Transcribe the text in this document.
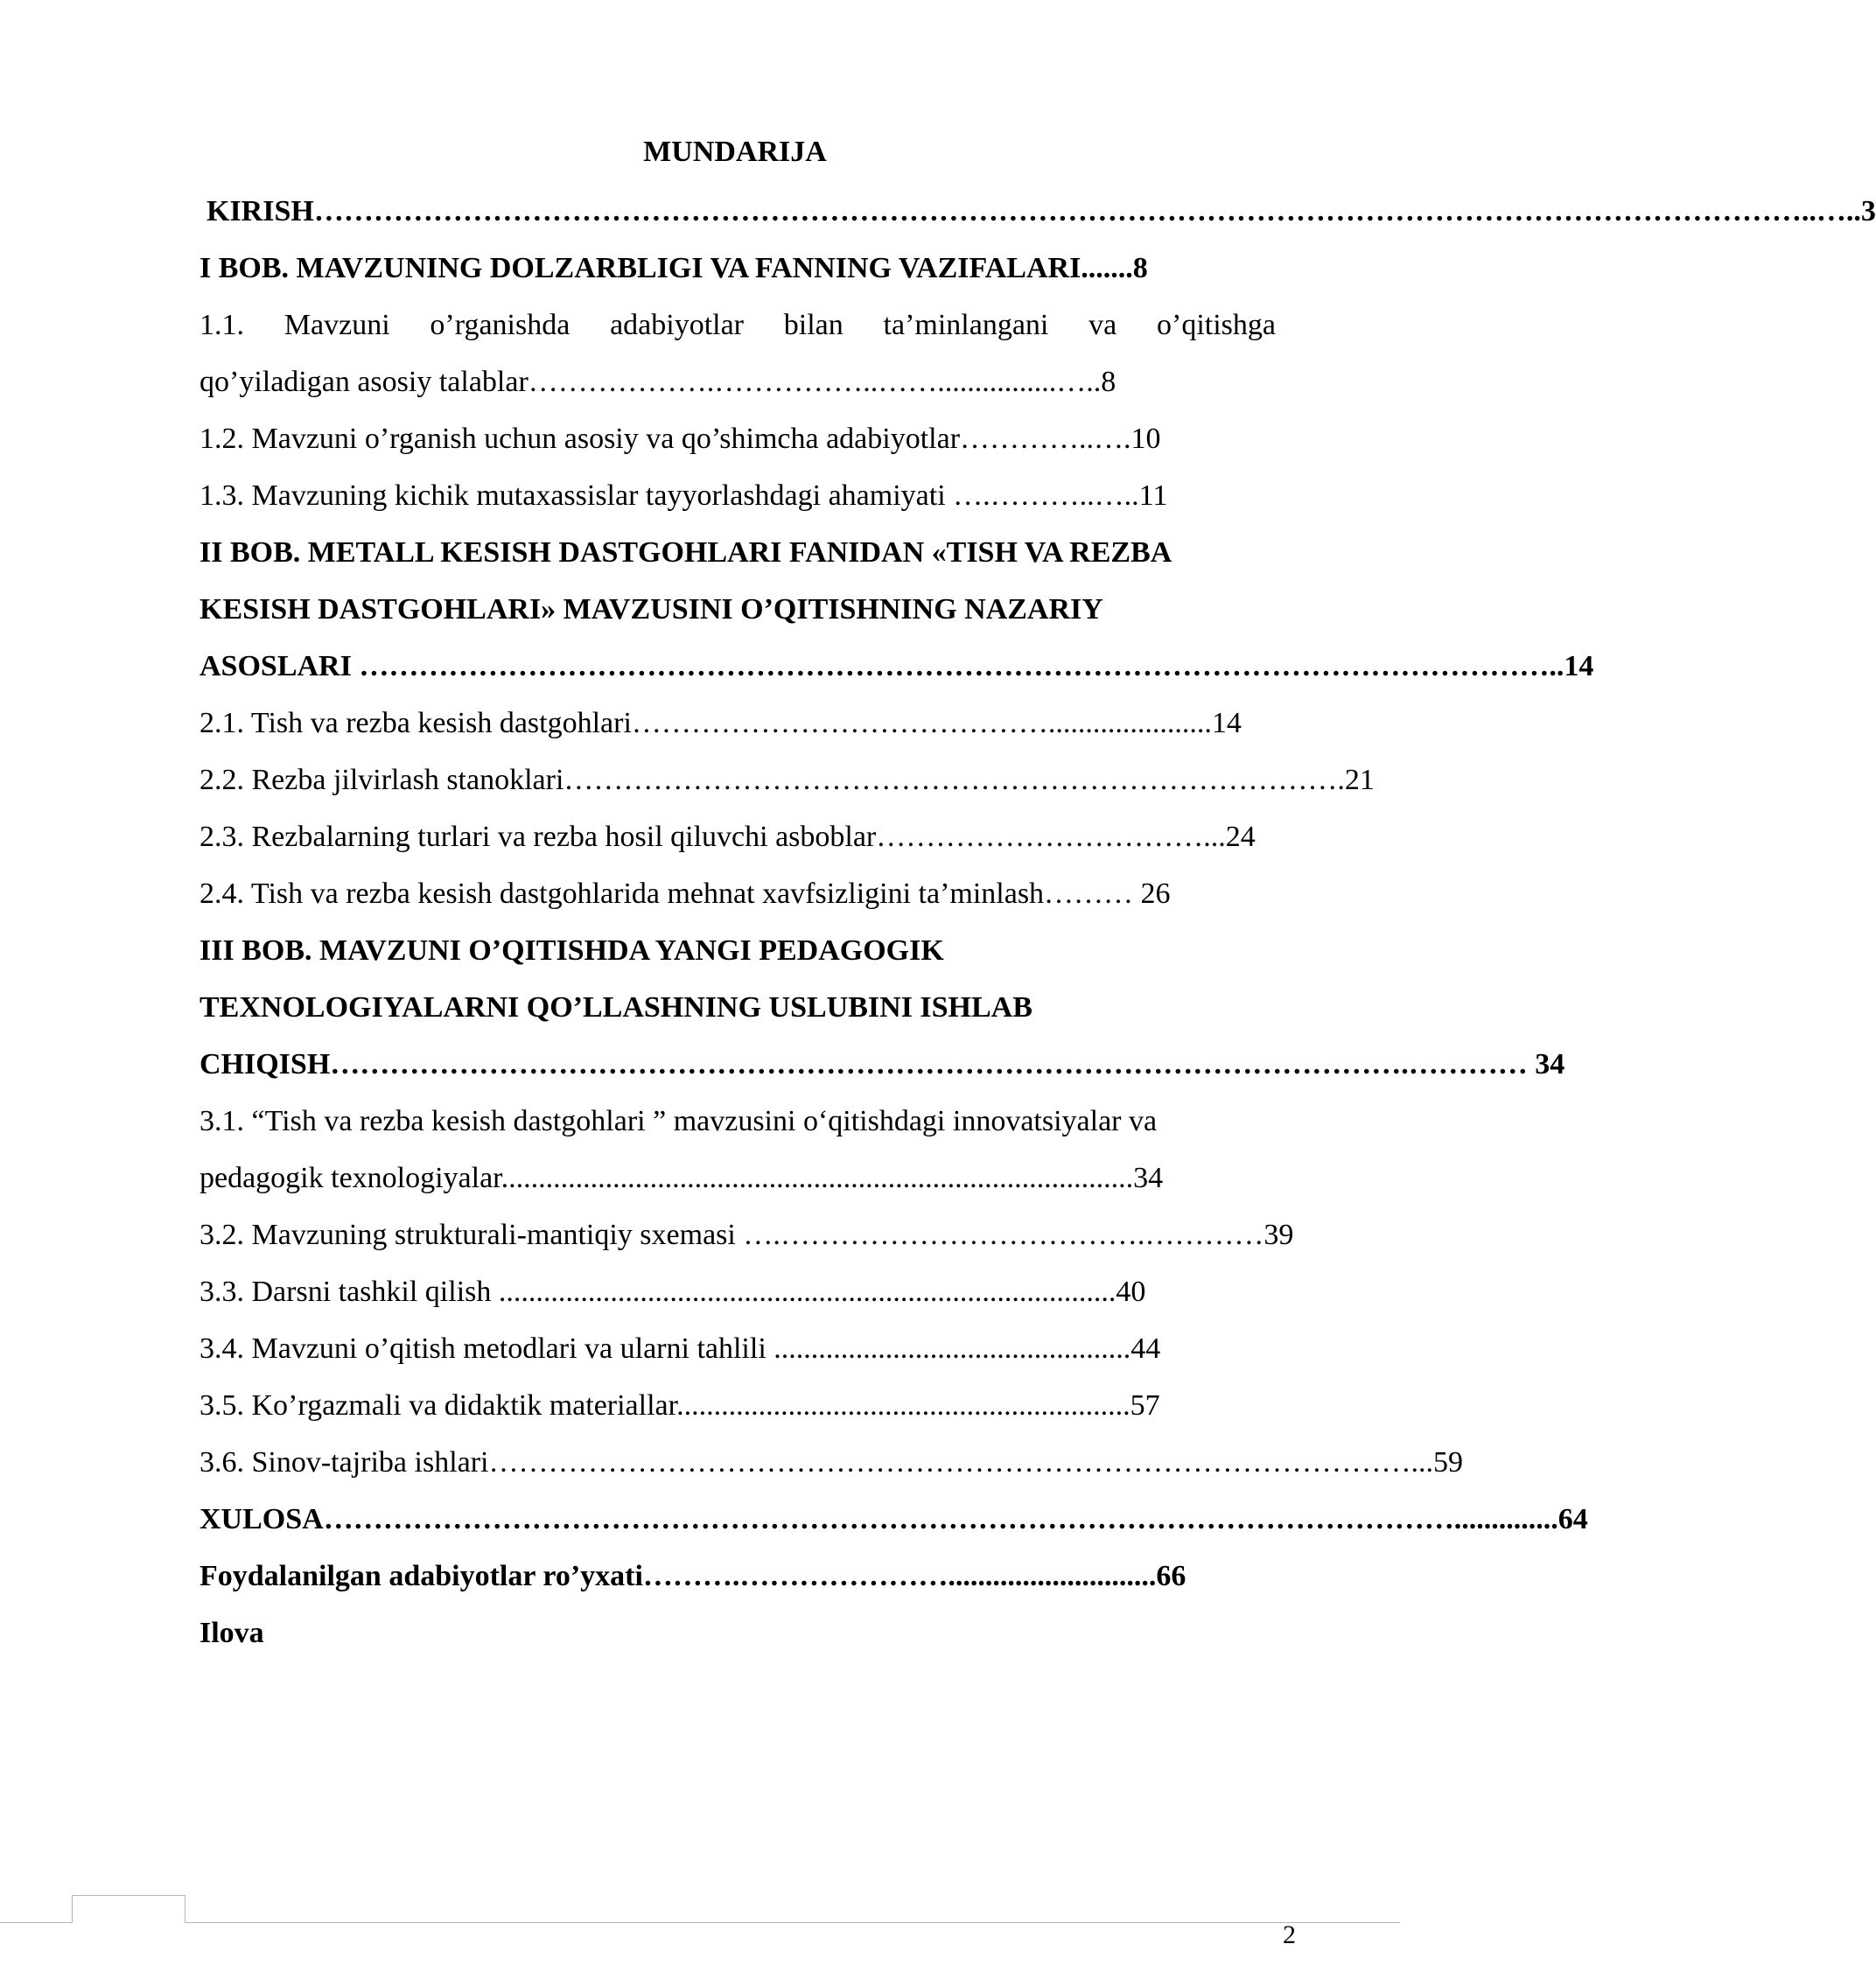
MUNDARIJA
KIRISH……………………………………………………………………………………………………………………………………..…..3
I BOB. MAVZUNING DOLZARBLIGI VA FANNING VAZIFALARI.......8
1.1. Mavzuni o’rganishda adabiyotlar bilan ta’minlangani va o’qitishga
qo’yiladigan asosiy talablar……………….……………..……................…..8
1.2. Mavzuni o’rganish uchun asosiy va qo’shimcha adabiyotlar…………..….10
1.3. Mavzuning kichik mutaxassislar tayyorlashdagi ahamiyati ….………..…..11
II BOB. METALL KESISH DASTGOHLARI FANIDAN «TISH VA REZBA
KESISH DASTGOHLARI» MAVZUSINI O’QITISHNING NAZARIY
ASOSLARI …………………………………………………………………………………………………………..14
2.1. Tish va rezba kesish dastgohlari……………………………………......................14
2.2. Rezba jilvirlash stanoklari…………………………………………………………………….21
2.3. Rezbalarning turlari va rezba hosil qiluvchi asboblar……………………………...24
2.4. Tish va rezba kesish dastgohlarida mehnat xavfsizligini ta’minlash……… 26
III BOB. MAVZUNI O’QITISHDA YANGI PEDAGOGIK
TEXNOLOGIYALARNI QO’LLASHNING USLUBINI ISHLAB
CHIQISH……………………………………………………………………………………………….………… 34
3.1. “Tish va rezba kesish dastgohlari ” mavzusini o‘qitishdagi innovatsiyalar va
pedagogik texnologiyalar.....................................................................................34
3.2. Mavzuning strukturali-mantiqiy sxemasi ….……………………………….…………39
3.3. Darsni tashkil qilish ...................................................................................40
3.4. Mavzuni o’qitish metodlari va ularni tahlili ................................................44
3.5. Ko’rgazmali va didaktik materiallar.............................................................57
3.6. Sinov-tajriba ishlari…………………………………………………………………………………...59
XULOSA……………………………………………………………………………………………………..............64
Foydalanilgan adabiyotlar ro’yxati……….…………………............................66
Ilova
2
